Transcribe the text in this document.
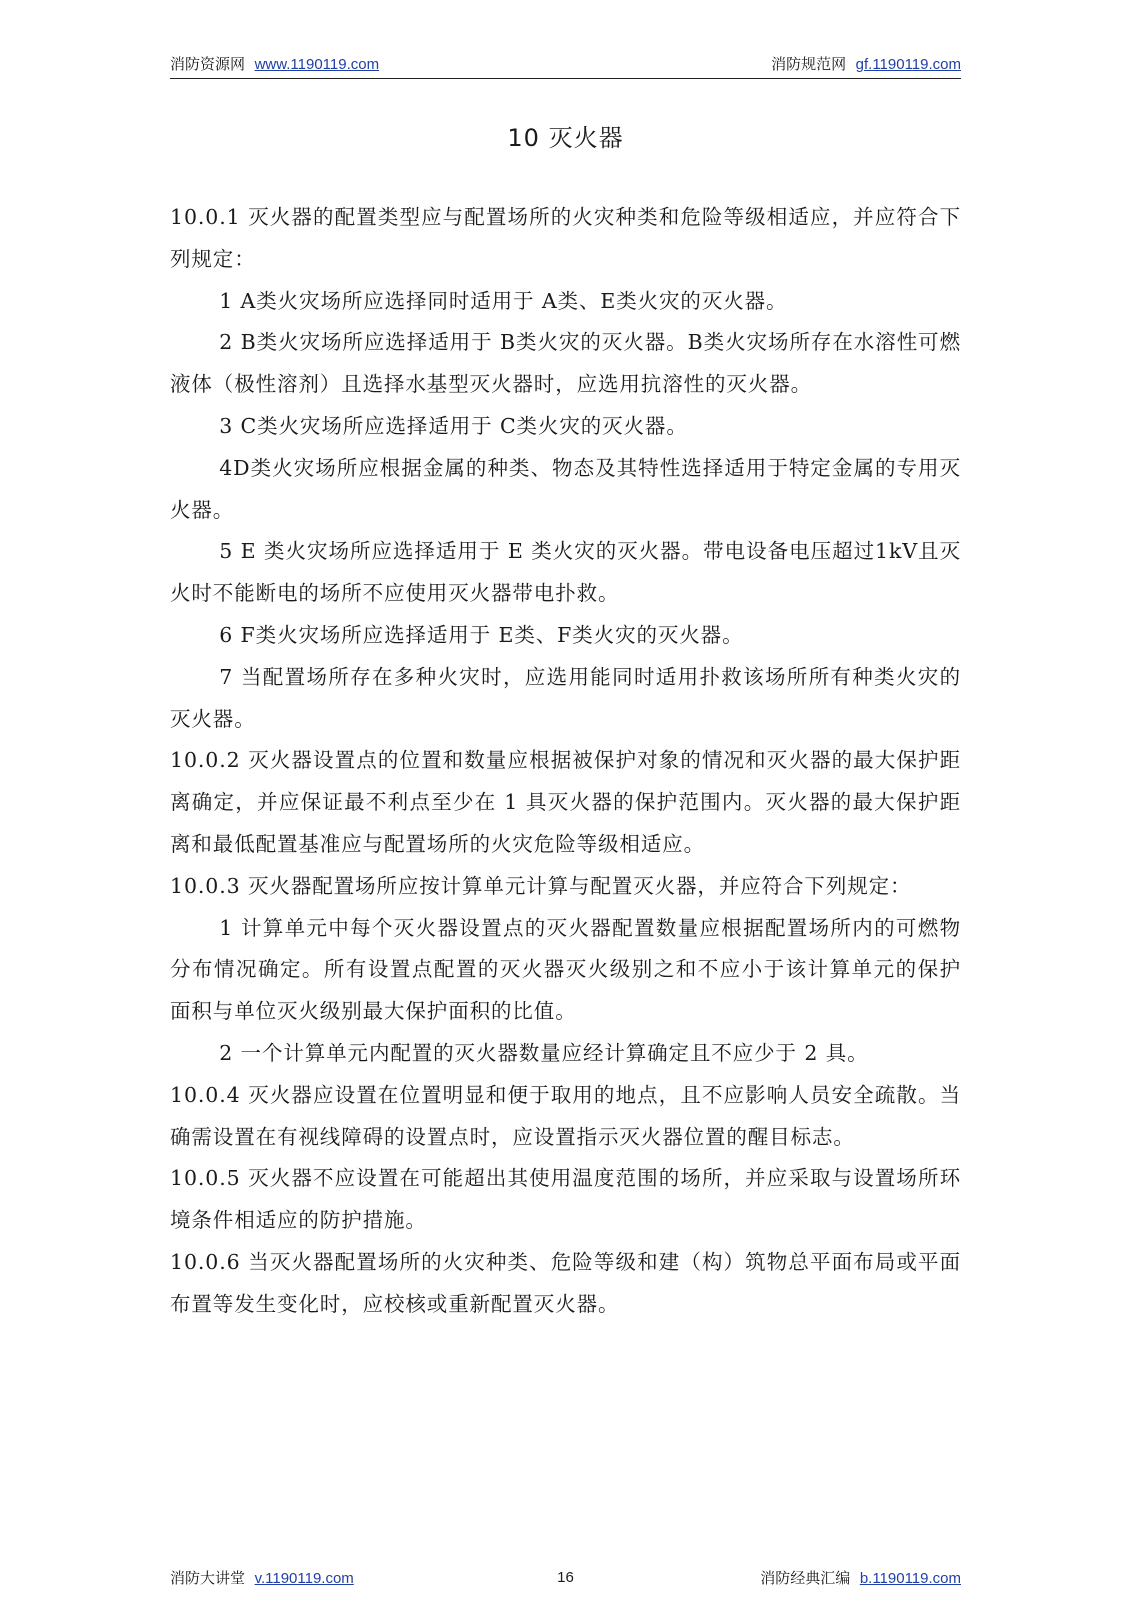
消防资源网 www.1190119.com	消防规范网 gf.1190119.com
10 灭火器

10.0.1 灭火器的配置类型应与配置场所的火灾种类和危险等级相适应，并应符合下列规定：

1 A类火灾场所应选择同时适用于 A类、E类火灾的灭火器。

2 B类火灾场所应选择适用于 B类火灾的灭火器。B类火灾场所存在水溶性可燃液体（极性溶剂）且选择水基型灭火器时，应选用抗溶性的灭火器。

3 C类火灾场所应选择适用于 C类火灾的灭火器。

4D类火灾场所应根据金属的种类、物态及其特性选择适用于特定金属的专用灭火器。

5 E 类火灾场所应选择适用于 E 类火灾的灭火器。带电设备电压超过1kV且灭火时不能断电的场所不应使用灭火器带电扑救。

6 F类火灾场所应选择适用于 E类、F类火灾的灭火器。

7 当配置场所存在多种火灾时，应选用能同时适用扑救该场所所有种类火灾的灭火器。

10.0.2 灭火器设置点的位置和数量应根据被保护对象的情况和灭火器的最大保护距离确定，并应保证最不利点至少在 1 具灭火器的保护范围内。灭火器的最大保护距离和最低配置基准应与配置场所的火灾危险等级相适应。

10.0.3 灭火器配置场所应按计算单元计算与配置灭火器，并应符合下列规定：

1 计算单元中每个灭火器设置点的灭火器配置数量应根据配置场所内的可燃物分布情况确定。所有设置点配置的灭火器灭火级别之和不应小于该计算单元的保护面积与单位灭火级别最大保护面积的比值。

2 一个计算单元内配置的灭火器数量应经计算确定且不应少于 2 具。

10.0.4 灭火器应设置在位置明显和便于取用的地点，且不应影响人员安全疏散。当确需设置在有视线障碍的设置点时，应设置指示灭火器位置的醒目标志。

10.0.5 灭火器不应设置在可能超出其使用温度范围的场所，并应采取与设置场所环境条件相适应的防护措施。

10.0.6 当灭火器配置场所的火灾种类、危险等级和建（构）筑物总平面布局或平面布置等发生变化时，应校核或重新配置灭火器。

消防大讲堂 v.1190119.com	16	消防经典汇编 b.1190119.com
